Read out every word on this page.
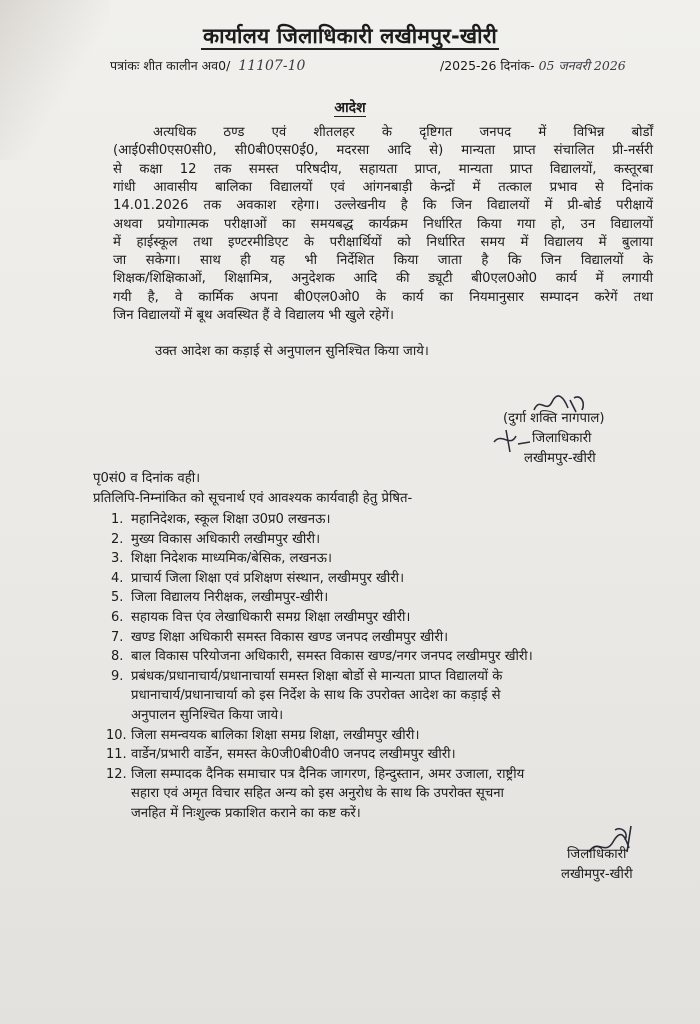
कार्यालय जिलाधिकारी लखीमपुर-खीरी
पत्रांकः शीत कालीन अव0/ 11107-10	/2025-26 दिनांक- 05 जनवरी 2026
आदेश
अत्यधिक ठण्ड एवं शीतलहर के दृष्टिगत जनपद में विभिन्न बोर्डों
(आई0सी0एस0सी0, सी0बी0एस0ई0, मदरसा आदि से) मान्यता प्राप्त संचालित प्री-नर्सरी
से कक्षा 12 तक समस्त परिषदीय, सहायता प्राप्त, मान्यता प्राप्त विद्यालयों, कस्तूरबा
गांधी आवासीय बालिका विद्यालयों एवं आंगनबाड़ी केन्द्रों में तत्काल प्रभाव से दिनांक
14.01.2026 तक अवकाश रहेगा। उल्लेखनीय है कि जिन विद्यालयों में प्री-बोर्ड परीक्षायें
अथवा प्रयोगात्मक परीक्षाओं का समयबद्ध कार्यक्रम निर्धारित किया गया हो, उन विद्यालयों
में हाईस्कूल तथा इण्टरमीडिएट के परीक्षार्थियों को निर्धारित समय में विद्यालय में बुलाया
जा सकेगा। साथ ही यह भी निर्देशित किया जाता है कि जिन विद्यालयों के
शिक्षक/शिक्षिकाओं, शिक्षामित्र, अनुदेशक आदि की ड्यूटी बी0एल0ओ0 कार्य में लगायी
गयी है, वे कार्मिक अपना बी0एल0ओ0 के कार्य का नियमानुसार सम्पादन करेगें तथा
जिन विद्यालयों में बूथ अवस्थित हैं वे विद्यालय भी खुले रहेगें।
उक्त आदेश का कड़ाई से अनुपालन सुनिश्चित किया जाये।
(दुर्गा शक्ति नागपाल)
जिलाधिकारी
लखीमपुर-खीरी
पृ0सं0 व दिनांक वही।
प्रतिलिपि-निम्नांकित को सूचनार्थ एवं आवश्यक कार्यवाही हेतु प्रेषित-
1. महानिदेशक, स्कूल शिक्षा उ0प्र0 लखनऊ।
2. मुख्य विकास अधिकारी लखीमपुर खीरी।
3. शिक्षा निदेशक माध्यमिक/बेसिक, लखनऊ।
4. प्राचार्य जिला शिक्षा एवं प्रशिक्षण संस्थान, लखीमपुर खीरी।
5. जिला विद्यालय निरीक्षक, लखीमपुर-खीरी।
6. सहायक वित्त एंव लेखाधिकारी समग्र शिक्षा लखीमपुर खीरी।
7. खण्ड शिक्षा अधिकारी समस्त विकास खण्ड जनपद लखीमपुर खीरी।
8. बाल विकास परियोजना अधिकारी, समस्त विकास खण्ड/नगर जनपद लखीमपुर खीरी।
9. प्रबंधक/प्रधानाचार्य/प्रधानाचार्या समस्त शिक्षा बोर्डो से मान्यता प्राप्त विद्यालयों के
प्रधानाचार्य/प्रधानाचार्या को इस निर्देश के साथ कि उपरोक्त आदेश का कड़ाई से
अनुपालन सुनिश्चित किया जाये।
10. जिला समन्वयक बालिका शिक्षा समग्र शिक्षा, लखीमपुर खीरी।
11. वार्डेन/प्रभारी वार्डेन, समस्त के0जी0बी0वी0 जनपद लखीमपुर खीरी।
12. जिला सम्पादक दैनिक समाचार पत्र दैनिक जागरण, हिन्दुस्तान, अमर उजाला, राष्ट्रीय
सहारा एवं अमृत विचार सहित अन्य को इस अनुरोध के साथ कि उपरोक्त सूचना
जनहित में निःशुल्क प्रकाशित कराने का कष्ट करें।
जिलाधिकारी
लखीमपुर-खीरी
